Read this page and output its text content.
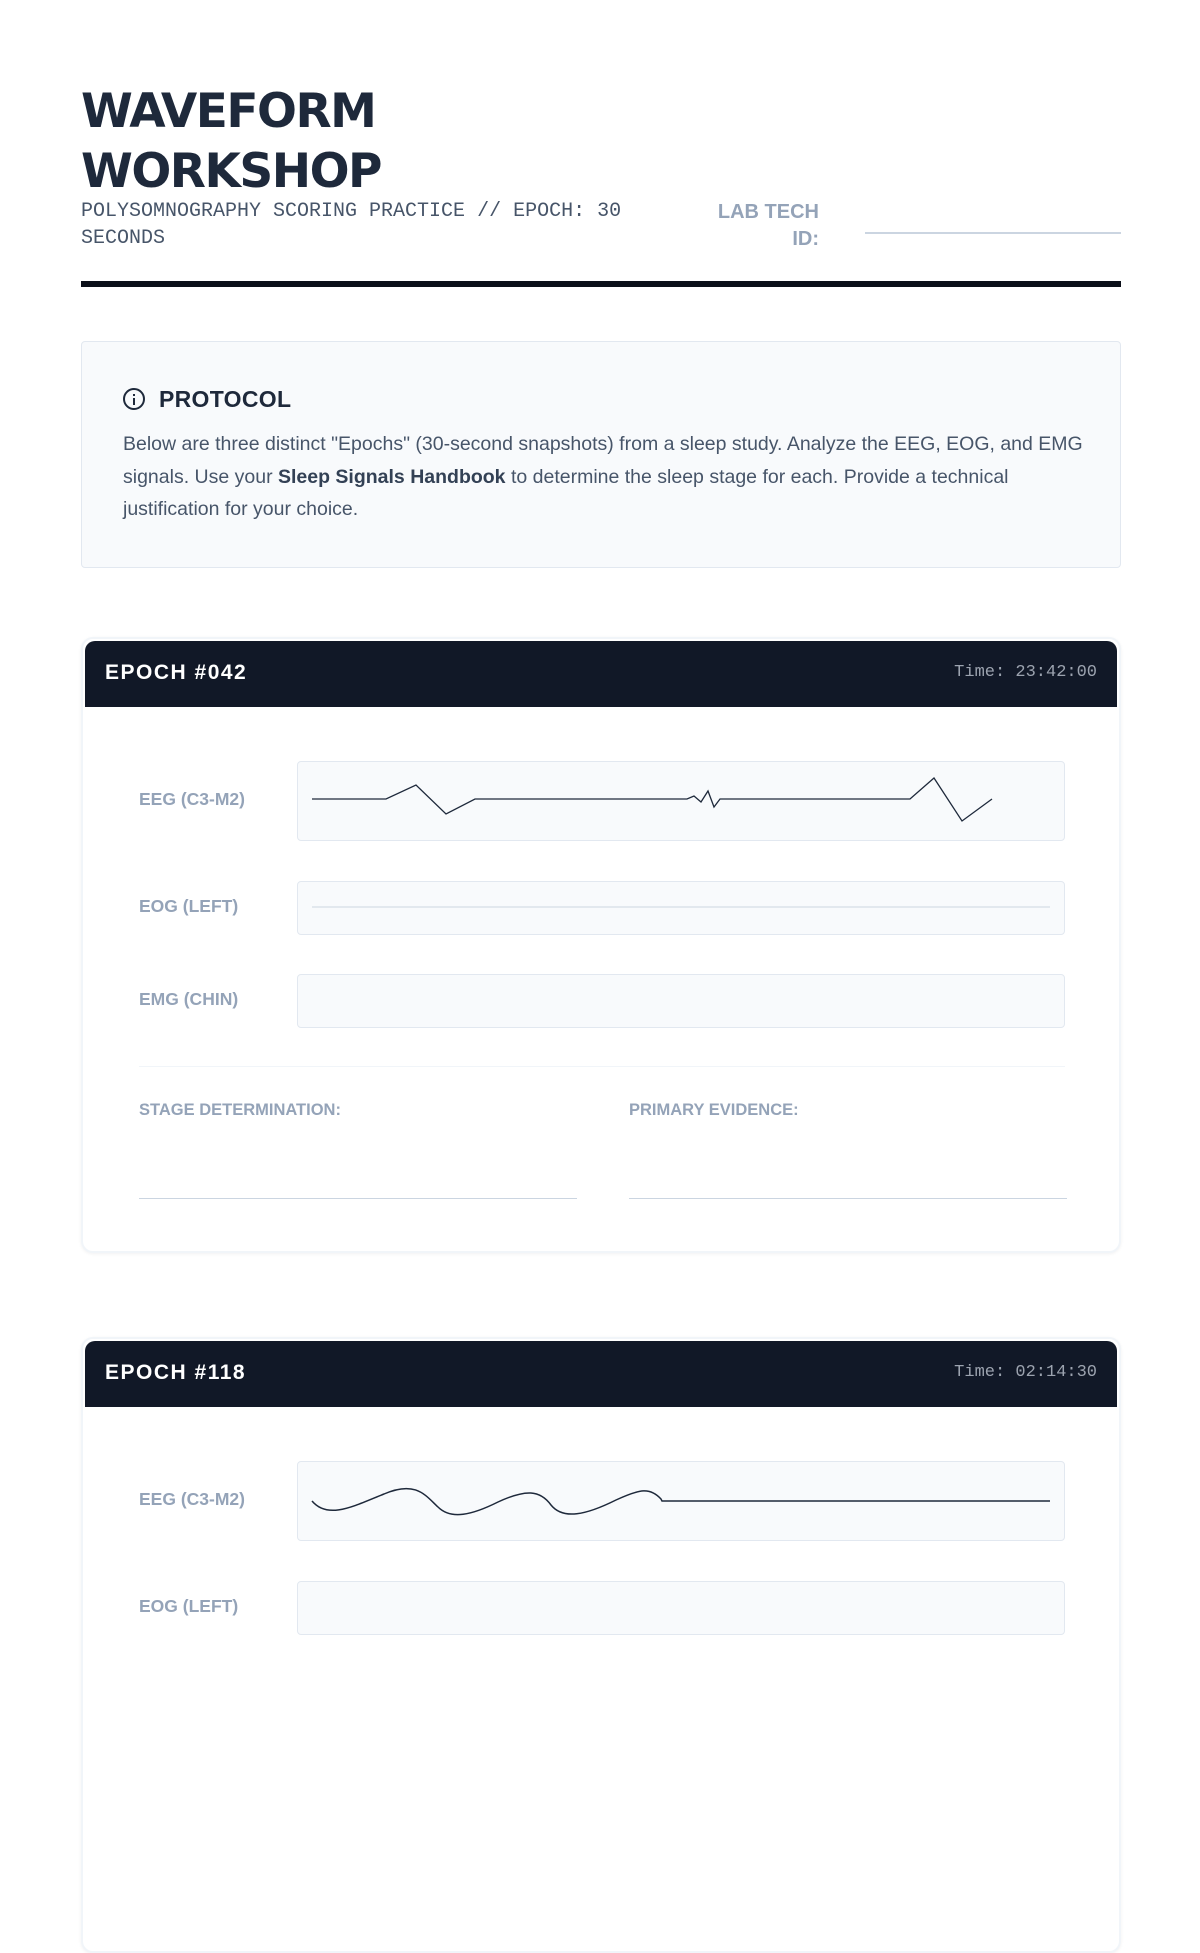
WAVEFORM
WORKSHOP
POLYSOMNOGRAPHY SCORING PRACTICE // EPOCH: 30 SECONDS
LAB TECH
ID:
PROTOCOL

Below are three distinct "Epochs" (30-second snapshots) from a sleep study. Analyze the EEG, EOG, and EMG signals. Use your Sleep Signals Handbook to determine the sleep stage for each. Provide a technical justification for your choice.

EPOCH #042	Time: 23:42:00
EEG (C3-M2)
EOG (LEFT)
EMG (CHIN)
STAGE DETERMINATION:	PRIMARY EVIDENCE:
EPOCH #118	Time: 02:14:30
EEG (C3-M2)
EOG (LEFT)
